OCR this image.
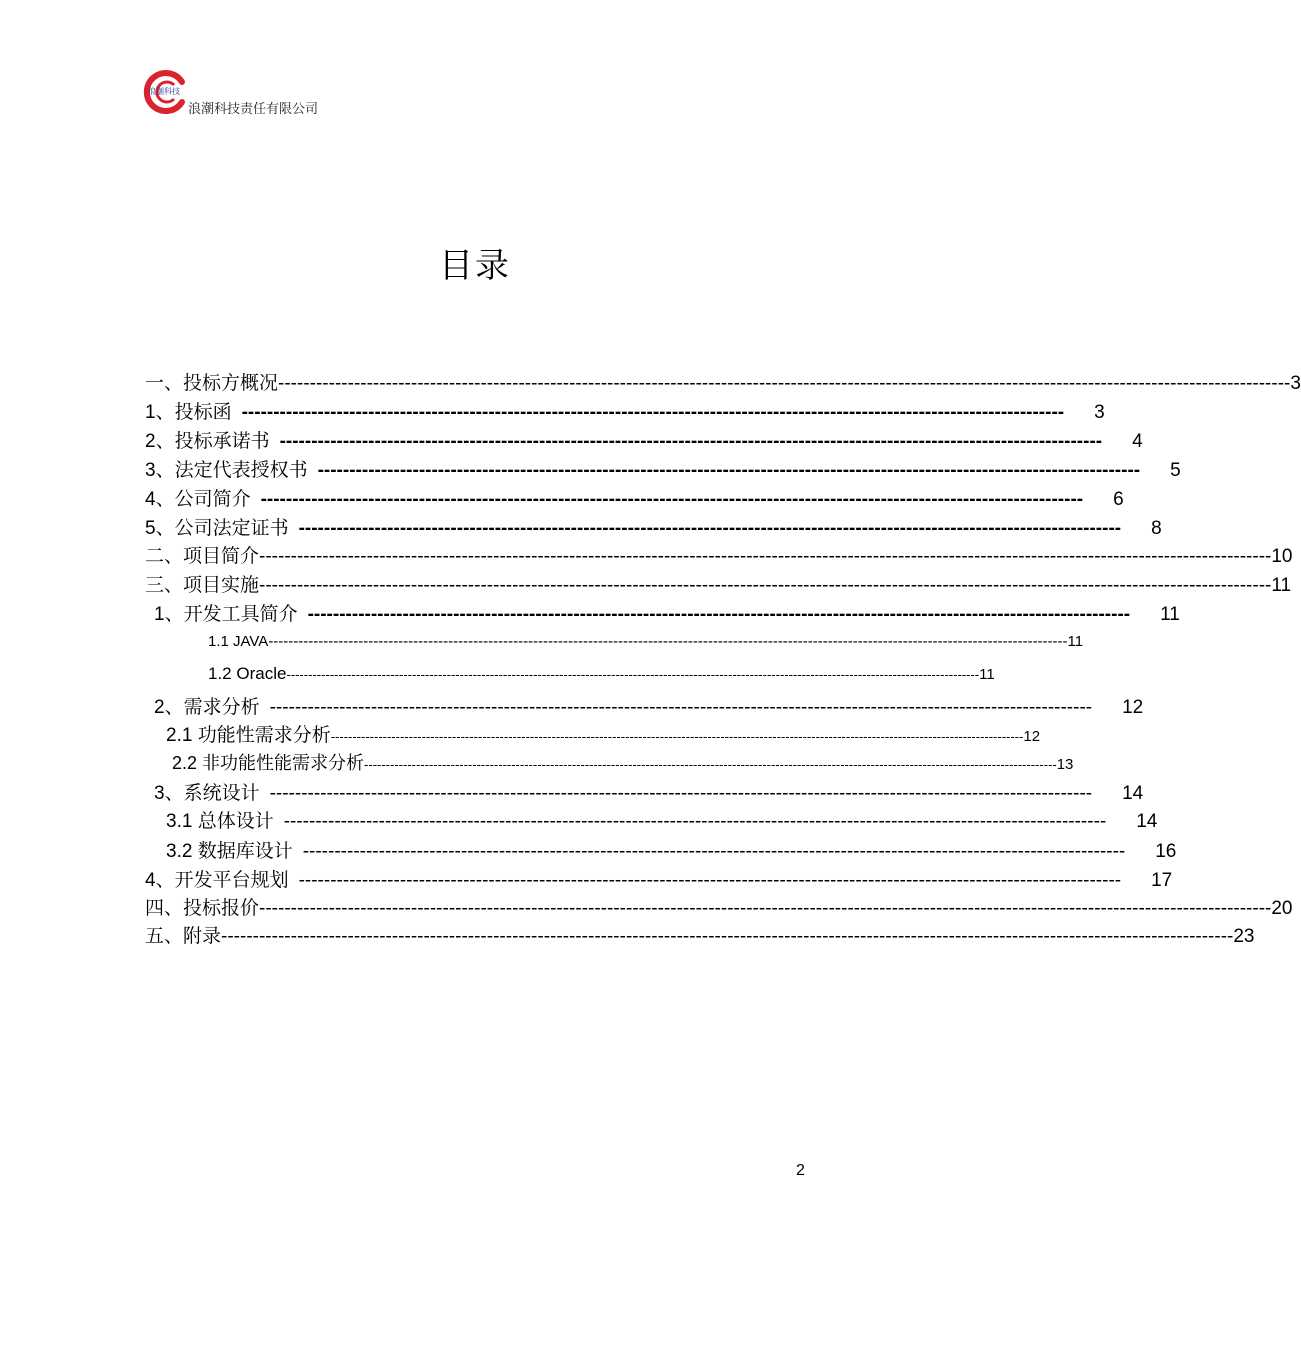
浪潮科技
浪潮科技责任有限公司
目录
一、投标方概况 ---------------------------------------------------------------------------------------------------------------------------------------------------------------- 3
1、投标函 ---------------------------------------------------------------------------------------------------------------------------------- 3
2、投标承诺书 ---------------------------------------------------------------------------------------------------------------------------------- 4
3、法定代表授权书 ---------------------------------------------------------------------------------------------------------------------------------- 5
4、公司简介 ---------------------------------------------------------------------------------------------------------------------------------- 6
5、公司法定证书 ---------------------------------------------------------------------------------------------------------------------------------- 8
二、项目简介 ---------------------------------------------------------------------------------------------------------------------------------------------------------------- 10
三、项目实施 ---------------------------------------------------------------------------------------------------------------------------------------------------------------- 11
1、开发工具简介 ---------------------------------------------------------------------------------------------------------------------------------- 11
1.1 JAVA ---------------------------------------------------------------------------------------------------------------------------------------------------------------- 11
1.2 Oracle ---------------------------------------------------------------------------------------------------------------------------------------------------------------- 11
2、需求分析 ---------------------------------------------------------------------------------------------------------------------------------- 12
2.1 功能性需求分析 ---------------------------------------------------------------------------------------------------------------------------------------------------------------- 12
2.2 非功能性能需求分析 ---------------------------------------------------------------------------------------------------------------------------------------------------------------- 13
3、系统设计 ---------------------------------------------------------------------------------------------------------------------------------- 14
3.1 总体设计 ---------------------------------------------------------------------------------------------------------------------------------- 14
3.2 数据库设计 ---------------------------------------------------------------------------------------------------------------------------------- 16
4、开发平台规划 ---------------------------------------------------------------------------------------------------------------------------------- 17
四、投标报价 ---------------------------------------------------------------------------------------------------------------------------------------------------------------- 20
五、附录 ---------------------------------------------------------------------------------------------------------------------------------------------------------------- 23
2
